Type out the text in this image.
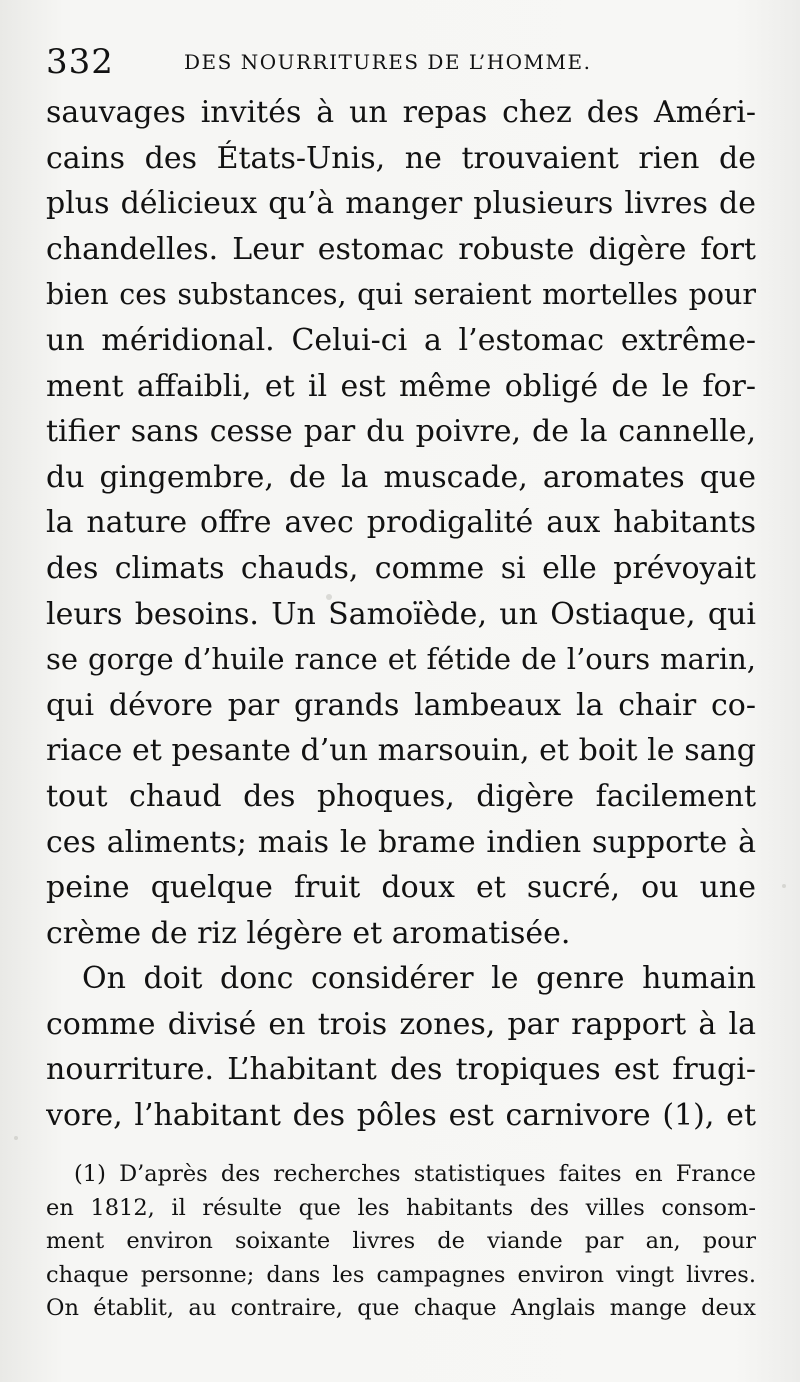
332	DES NOURRITURES DE L’HOMME.
sauvages invités à un repas chez des Améri-
cains des États-Unis, ne trouvaient rien de
plus délicieux qu’à manger plusieurs livres de
chandelles. Leur estomac robuste digère fort
bien ces substances, qui seraient mortelles pour
un méridional. Celui-ci a l’estomac extrême-
ment affaibli, et il est même obligé de le for-
tifier sans cesse par du poivre, de la cannelle,
du gingembre, de la muscade, aromates que
la nature offre avec prodigalité aux habitants
des climats chauds, comme si elle prévoyait
leurs besoins. Un Samoïède, un Ostiaque, qui
se gorge d’huile rance et fétide de l’ours marin,
qui dévore par grands lambeaux la chair co-
riace et pesante d’un marsouin, et boit le sang
tout chaud des phoques, digère facilement
ces aliments; mais le brame indien supporte à
peine quelque fruit doux et sucré, ou une
crème de riz légère et aromatisée.
On doit donc considérer le genre humain
comme divisé en trois zones, par rapport à la
nourriture. L’habitant des tropiques est frugi-
vore, l’habitant des pôles est carnivore (1), et
(1) D’après des recherches statistiques faites en France
en 1812, il résulte que les habitants des villes consom-
ment environ soixante livres de viande par an, pour
chaque personne; dans les campagnes environ vingt livres.
On établit, au contraire, que chaque Anglais mange deux
